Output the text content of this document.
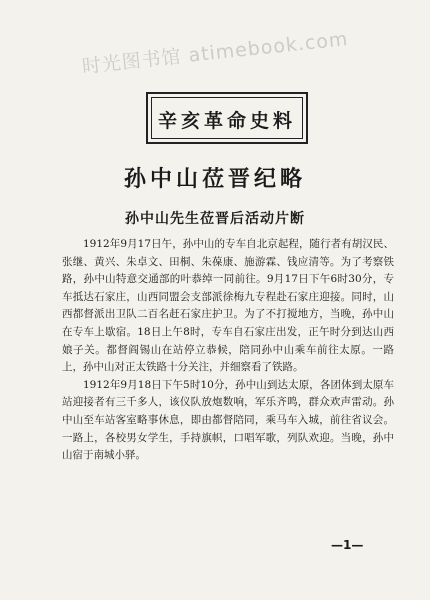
时光图书馆 atimebook.com
辛亥革命史料
孙中山莅晋纪略
孙中山先生莅晋后活动片断

1912年9月17日午，孙中山的专车自北京起程，随行者有胡汉民、张继、黄兴、朱卓文、田桐、朱葆康、施游霖、钱应清等。为了考察铁路，孙中山特意交通部的叶恭绰一同前往。9月17日下午6时30分，专车抵达石家庄，山西同盟会支部派徐梅九专程赴石家庄迎接。同时，山西都督派出卫队二百名赶石家庄护卫。为了不打搅地方，当晚，孙中山在专车上歇宿。18日上午8时，专车自石家庄出发，正午时分到达山西娘子关。都督阎锡山在站停立恭候，陪同孙中山乘车前往太原。一路上，孙中山对正太铁路十分关注，并细察看了铁路。

1912年9月18日下午5时10分，孙中山到达太原，各团体到太原车站迎接者有三千多人，该仪队放炮数响，军乐齐鸣，群众欢声雷动。孙中山至车站客室略事休息，即由都督陪同，乘马车入城，前往省议会。一路上，各校男女学生，手持旗帜，口唱军歌，列队欢迎。当晚，孙中山宿于南城小驿。

—1—
